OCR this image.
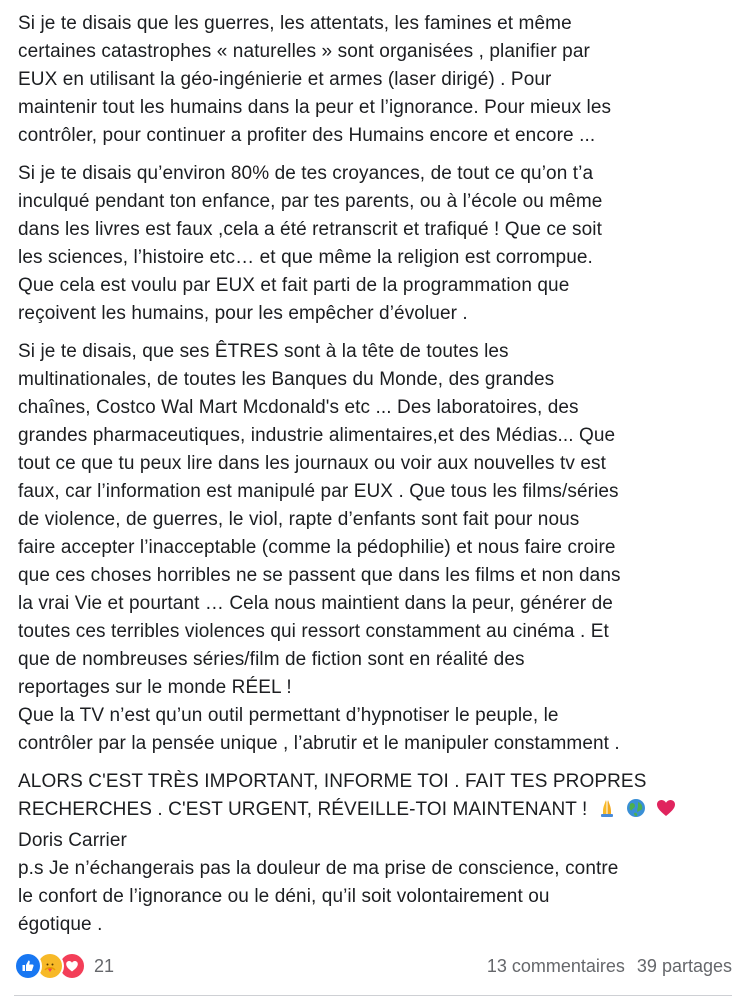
Si je te disais que les guerres, les attentats, les famines et même
certaines catastrophes « naturelles » sont organisées , planifier par
EUX en utilisant la géo-ingénierie et armes (laser dirigé) . Pour
maintenir tout les humains dans la peur et l’ignorance. Pour mieux les
contrôler, pour continuer a profiter des Humains encore et encore ...
Si je te disais qu’environ 80% de tes croyances, de tout ce qu’on t’a
inculqué pendant ton enfance, par tes parents, ou à l’école ou même
dans les livres est faux ,cela a été retranscrit et trafiqué ! Que ce soit
les sciences, l’histoire etc… et que même la religion est corrompue.
Que cela est voulu par EUX et fait parti de la programmation que
reçoivent les humains, pour les empêcher d’évoluer .
Si je te disais, que ses ÊTRES sont à la tête de toutes les
multinationales, de toutes les Banques du Monde, des grandes
chaînes, Costco Wal Mart Mcdonald's etc ... Des laboratoires, des
grandes pharmaceutiques, industrie alimentaires,et des Médias... Que
tout ce que tu peux lire dans les journaux ou voir aux nouvelles tv est
faux, car l’information est manipulé par EUX . Que tous les films/séries
de violence, de guerres, le viol, rapte d’enfants sont fait pour nous
faire accepter l’inacceptable (comme la pédophilie) et nous faire croire
que ces choses horribles ne se passent que dans les films et non dans
la vrai Vie et pourtant … Cela nous maintient dans la peur, générer de
toutes ces terribles violences qui ressort constamment au cinéma . Et
que de nombreuses séries/film de fiction sont en réalité des
reportages sur le monde RÉEL !
Que la TV n’est qu’un outil permettant d’hypnotiser le peuple, le
contrôler par la pensée unique , l’abrutir et le manipuler constamment .
ALORS C'EST TRÈS IMPORTANT, INFORME TOI . FAIT TES PROPRES
RECHERCHES . C'EST URGENT, RÉVEILLE-TOI MAINTENANT !
Doris Carrier
p.s Je n’échangerais pas la douleur de ma prise de conscience, contre
le confort de l’ignorance ou le déni, qu’il soit volontairement ou
égotique .
21	13 commentaires 39 partages
